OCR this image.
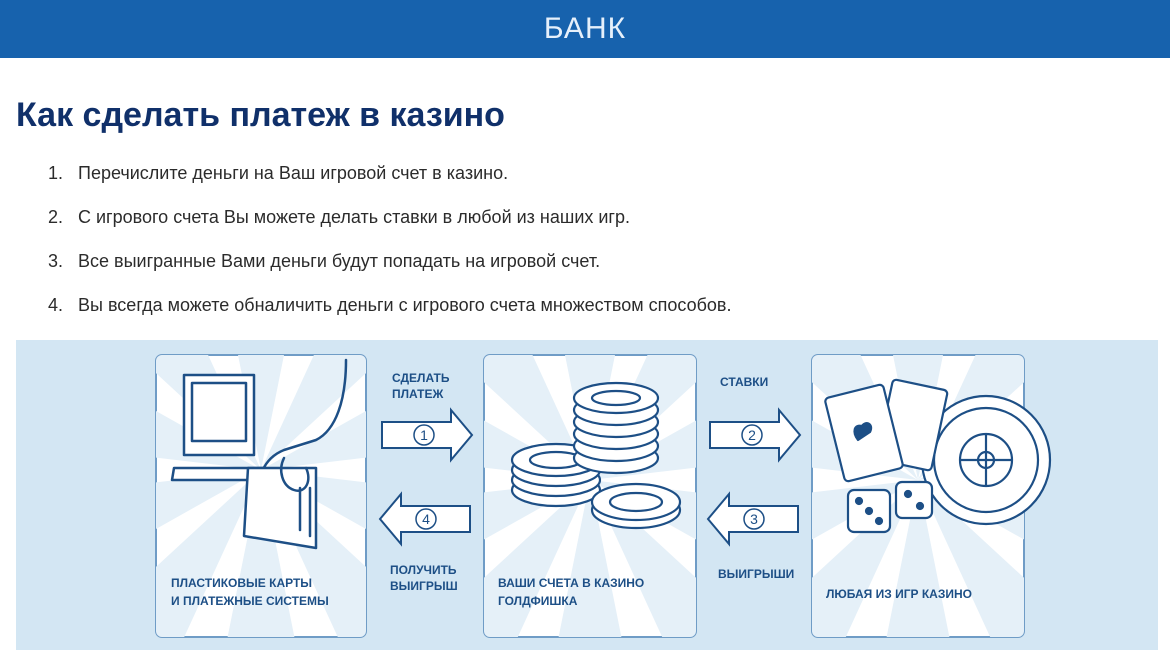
БАНК
Как сделать платеж в казино
1. Перечислите деньги на Ваш игровой счет в казино.
2. С игрового счета Вы можете делать ставки в любой из наших игр.
3. Все выигранные Вами деньги будут попадать на игровой счет.
4. Вы всегда можете обналичить деньги с игрового счета множеством способов.
ПЛАСТИКОВЫЕ КАРТЫ
И ПЛАТЕЖНЫЕ СИСТЕМЫ
ВАШИ СЧЕТА В КАЗИНО
ГОЛДФИШКА	ЛЮБАЯ ИЗ ИГР КАЗИНО
СДЕЛАТЬ
ПЛАТЕЖ
1
4
ПОЛУЧИТЬ
ВЫИГРЫШ
СТАВКИ
2
3
ВЫИГРЫШИ
